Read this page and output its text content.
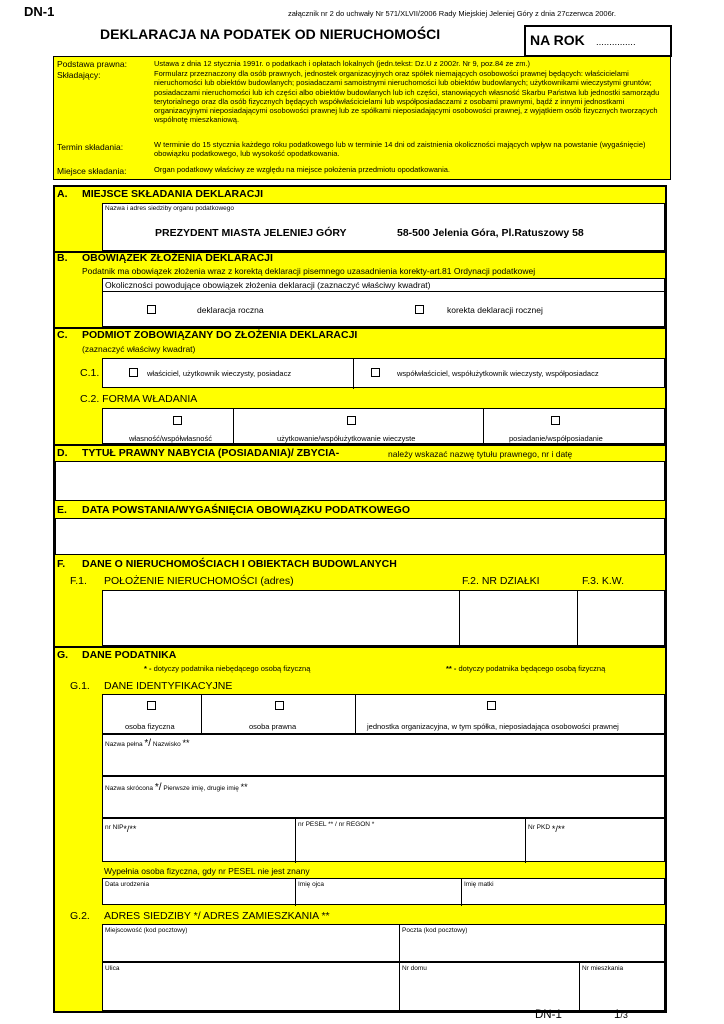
DN-1	załącznik nr 2 do uchwały Nr 571/XLVII/2006 Rady Miejskiej Jeleniej Góry z dnia 27czerwca 2006r.
DEKLARACJA NA PODATEK OD NIERUCHOMOŚCI	NA ROK ...............
Podstawa prawna:	Ustawa z dnia 12 stycznia 1991r. o podatkach i opłatach lokalnych (jedn.tekst: Dz.U z 2002r. Nr 9, poz.84 ze zm.)
Składający:	Formularz przeznaczony dla osób prawnych, jednostek organizacyjnych oraz spółek niemających osobowości prawnej będących: właścicielami nieruchomości lub obiektów budowlanych; posiadaczami samoistnymi nieruchomości lub obiektów budowlanych; użytkownikami wieczystymi gruntów; posiadaczami nieruchomości lub ich części albo obiektów budowlanych lub ich części, stanowiących własność Skarbu Państwa lub jednostki samorządu terytorialnego oraz dla osób fizycznych będących współwłaścicielami lub współposiadaczami z osobami prawnymi, bądź z innymi jednostkami organizacyjnymi nieposiadającymi osobowości prawnej lub ze spółkami nieposiadającymi osobowości prawnej, z wyjątkiem osób fizycznych tworzących wspólnotę mieszkaniową.
Termin składania:	W terminie do 15 stycznia każdego roku podatkowego lub w terminie 14 dni od zaistnienia okoliczności mających wpływ na powstanie (wygaśnięcie) obowiązku podatkowego, lub wysokość opodatkowania.
Miejsce składania:	Organ podatkowy właściwy ze względu na miejsce położenia przedmiotu opodatkowania.
A. MIEJSCE SKŁADANIA DEKLARACJI
Nazwa i adres siedziby organu podatkowego
PREZYDENT MIASTA JELENIEJ GÓRY	58-500 Jelenia Góra, Pl.Ratuszowy 58
B. OBOWIĄZEK ZŁOŻENIA DEKLARACJI
Podatnik ma obowiązek złożenia wraz z korektą deklaracji pisemnego uzasadnienia korekty-art.81 Ordynacji podatkowej
Okoliczności powodujące obowiązek złożenia deklaracji (zaznaczyć właściwy kwadrat)
deklaracja roczna	korekta deklaracji rocznej
C. PODMIOT ZOBOWIĄZANY DO ZŁOŻENIA DEKLARACJI
(zaznaczyć właściwy kwadrat)
C.1.	właściciel, użytkownik wieczysty, posiadacz	współwłaściciel, współużytkownik wieczysty, współposiadacz
C.2. FORMA WŁADANIA
własność/współwłasność	użytkowanie/współużytkowanie wieczyste	posiadanie/współposiadanie
D. TYTUŁ PRAWNY NABYCIA (POSIADANIA)/ ZBYCIA-	należy wskazać nazwę tytułu prawnego, nr i datę
E. DATA POWSTANIA/WYGAŚNIĘCIA OBOWIĄZKU PODATKOWEGO
F. DANE O NIERUCHOMOŚCIACH I OBIEKTACH BUDOWLANYCH
F.1. POŁOŻENIE NIERUCHOMOŚCI (adres)	F.2. NR DZIAŁKI	F.3. K.W.
G. DANE PODATNIKA
* - dotyczy podatnika niebędącego osobą fizyczną	** - dotyczy podatnika będącego osobą fizyczną
G.1. DANE IDENTYFIKACYJNE
osoba fizyczna	osoba prawna	jednostka organizacyjna, w tym spółka, nieposiadająca osobowości prawnej
Nazwa pełna */ Nazwisko **
Nazwa skrócona */ Pierwsze imię, drugie imię **
nr NIP*/**	nr PESEL ** / nr REGON *	Nr PKD */**
Wypełnia osoba fizyczna, gdy nr PESEL nie jest znany
Data urodzenia	Imię ojca	Imię matki
G.2. ADRES SIEDZIBY */ ADRES ZAMIESZKANIA **
Miejscowość (kod pocztowy)	Poczta (kod pocztowy)
Ulica	Nr domu	Nr mieszkania
DN-1	1/3
